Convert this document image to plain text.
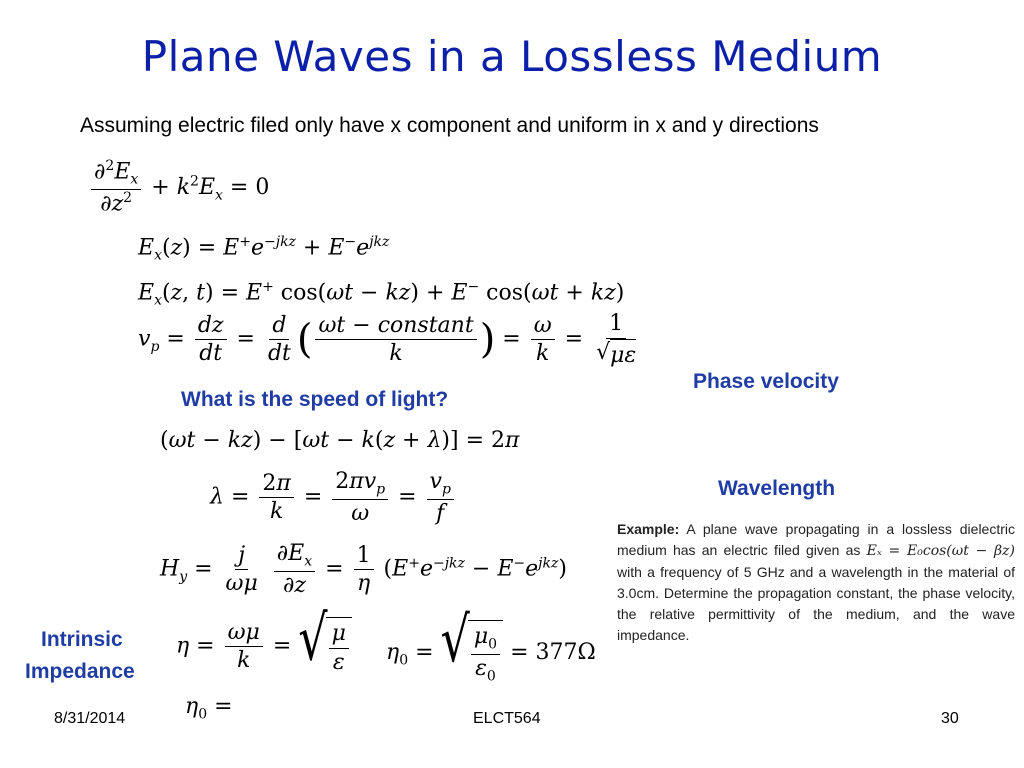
Plane Waves in a Lossless Medium
Assuming electric filed only have x component and uniform in x and y directions
$\frac{\partial^2E_x}{\partial z^2} + k^2E_x = 0$
$E_x(z) = E^+e^{-jkz} + E^-e^{jkz}$
$E_x(z$, t) = E+ cos(ωt − kz) + E− cos(ωt + kz)
$v_p = \frac{dz}{dt} = \frac{d}{dt}$ ( $\frac{\text{ωt − constant}}{k}$ ) = $\frac{\omega}{k} = \frac{1}{√ \mu\varepsilon}$
Phase velocity
What is the speed of light?
(ωt − kz) − [ωt − k(z + λ)] = 2π
$\lambda = \frac{2\pi}{k} = \frac{2\pi v_p}{\omega} = \frac{v_p}{f}$	Wavelength
$H_y = \frac{j}{\omega\mu}$
$\frac{\partial E_x}{\partial z} = \frac{1}{\eta} (E^+e^{-jkz} - E^-e^{jkz})$
Intrinsic
Impedance
$\eta = \frac{\omega\mu}{k}$ = √ $\frac{\mu}{\varepsilon} \eta_0$ = √ $\frac{\mu_0}{\varepsilon_0} = 377\Omega$
$\eta_0$ =
Example: A plane wave propagating in a lossless dielectric medium has an electric filed given as Eₓ = E₀cos(ωt − βz) with a frequency of 5 GHz and a wavelength in the material of 3.0cm. Determine the propagation constant, the phase velocity, the relative permittivity of the medium, and the wave impedance.
8/31/2014	ELCT564	30
